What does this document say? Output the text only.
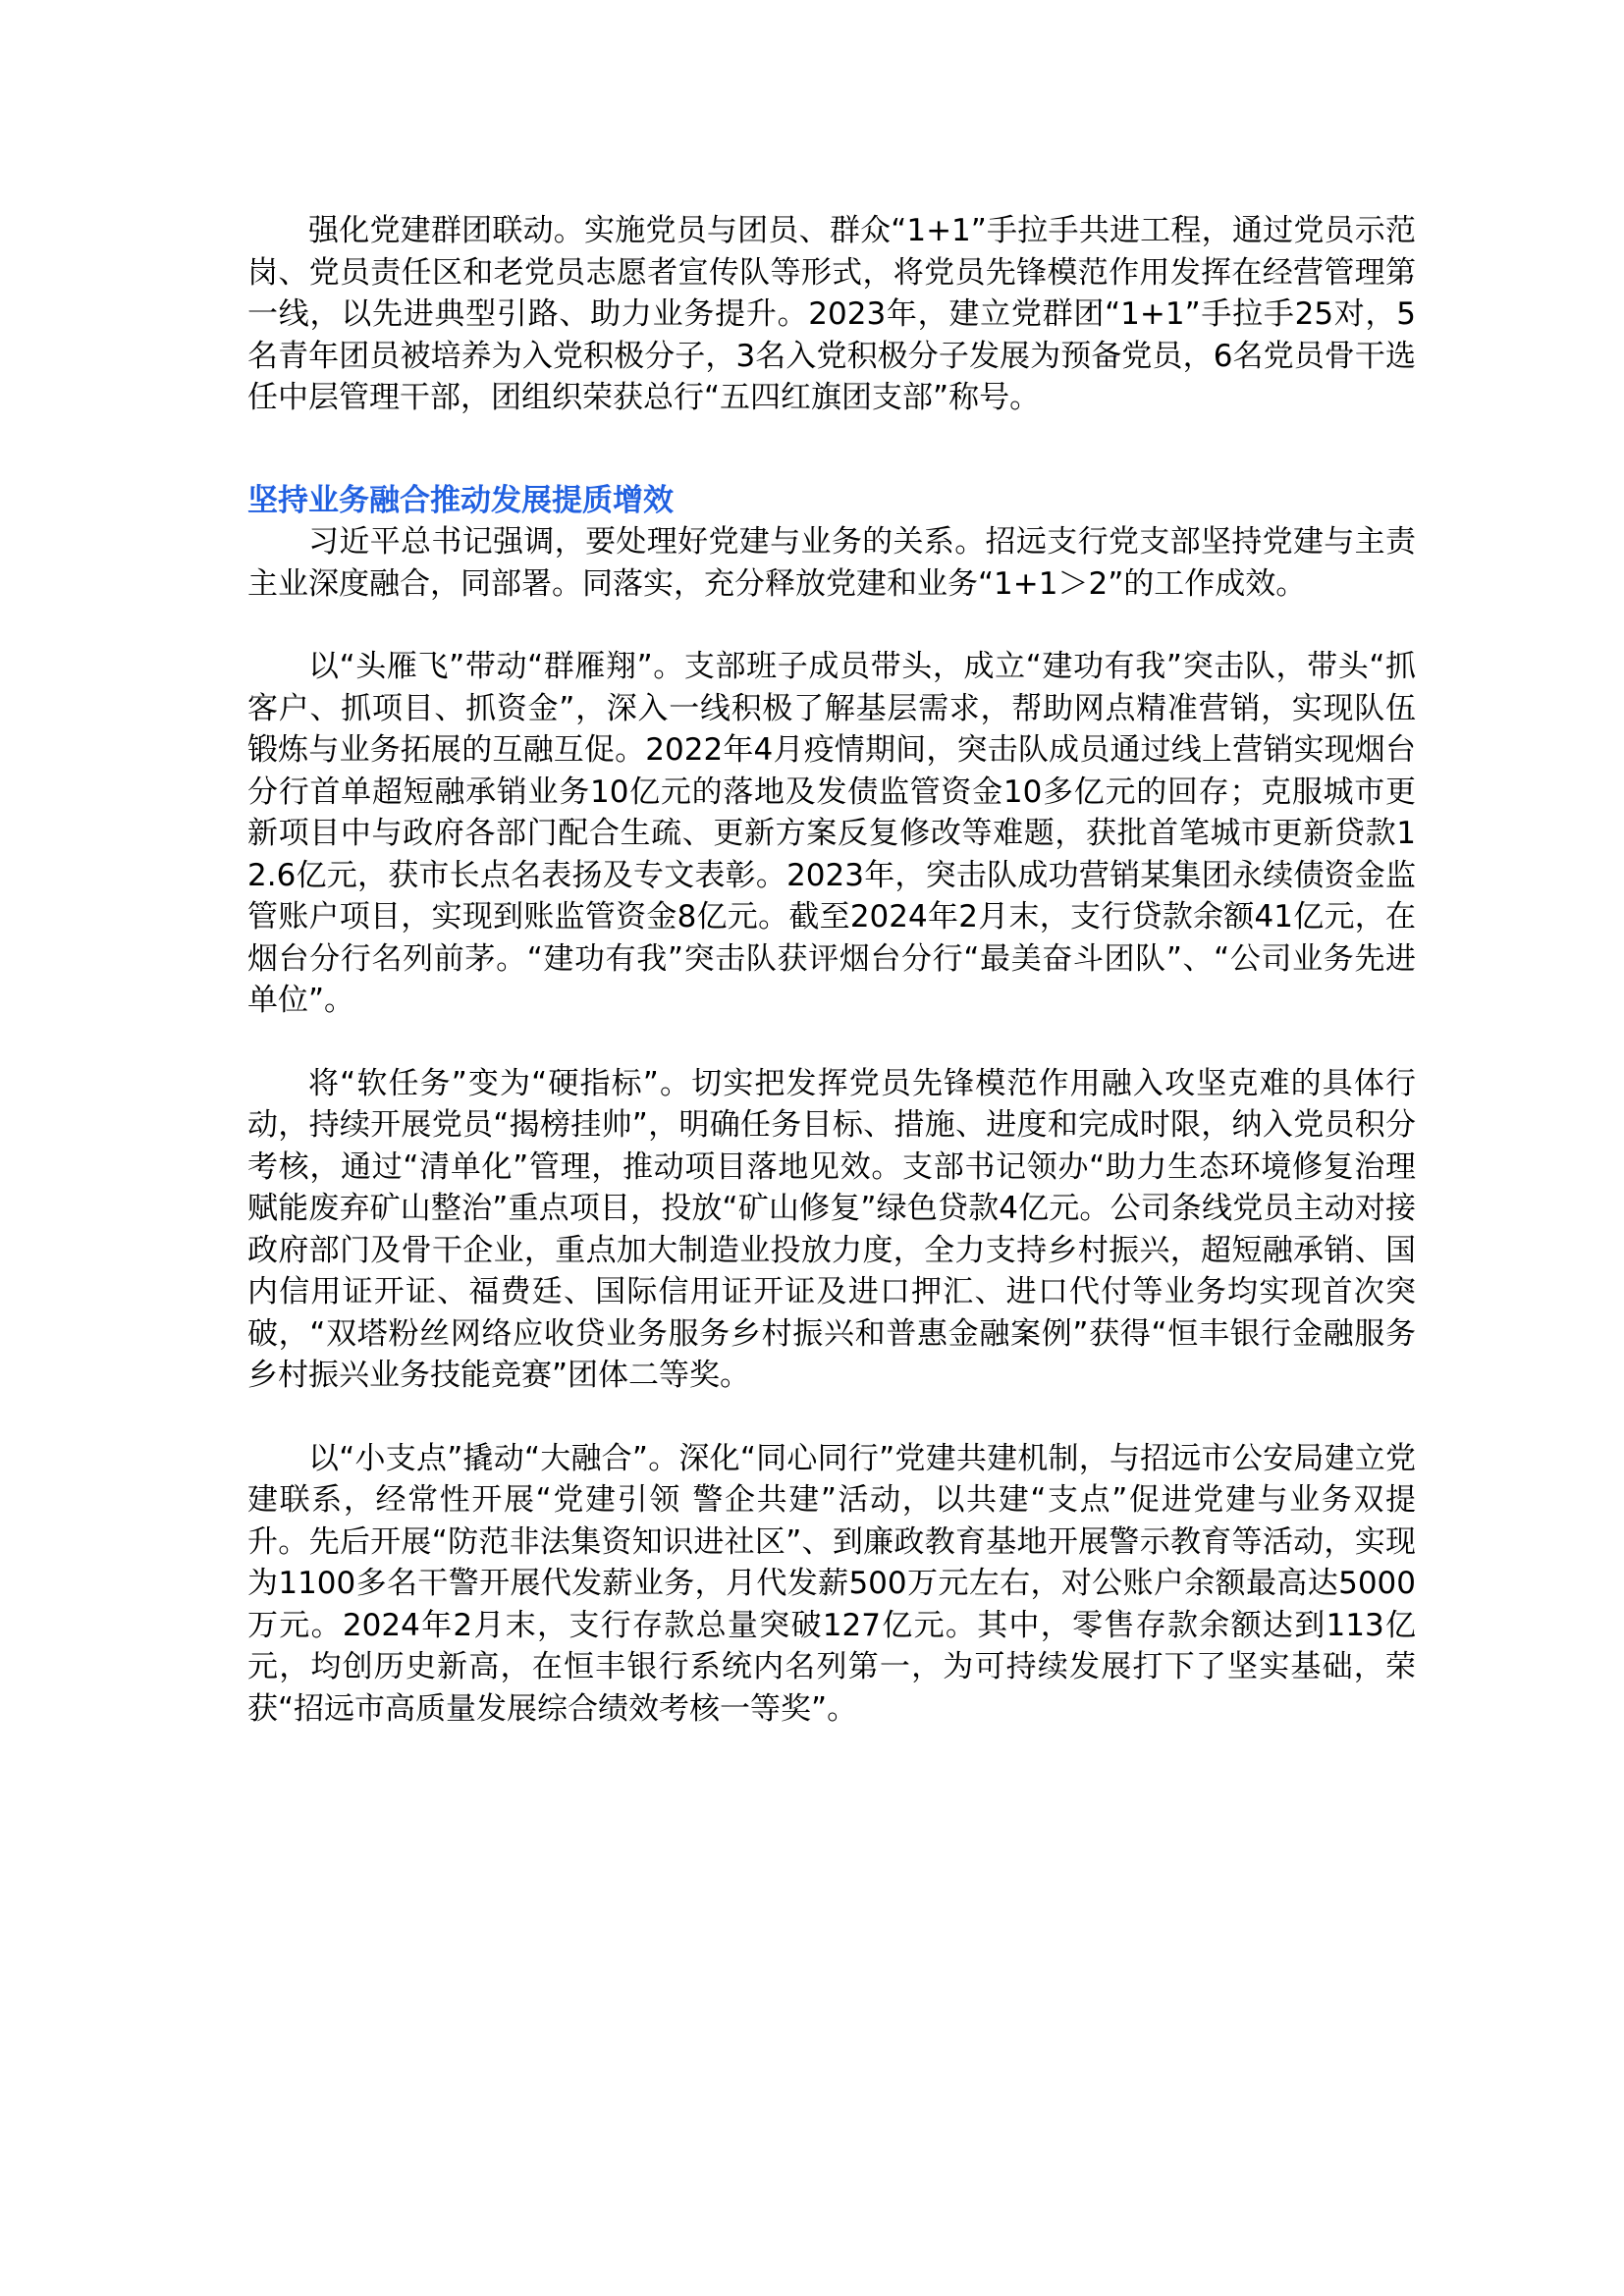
强化党建群团联动。实施党员与团员、群众“1+1”手拉手共进工程，通过党员示范岗、党员责任区和老党员志愿者宣传队等形式，将党员先锋模范作用发挥在经营管理第一线，以先进典型引路、助力业务提升。2023年，建立党群团“1+1”手拉手25对，5名青年团员被培养为入党积极分子，3名入党积极分子发展为预备党员，6名党员骨干选任中层管理干部，团组织荣获总行“五四红旗团支部”称号。

坚持业务融合推动发展提质增效

习近平总书记强调，要处理好党建与业务的关系。招远支行党支部坚持党建与主责主业深度融合，同部署。同落实，充分释放党建和业务“1+1＞2”的工作成效。

以“头雁飞”带动“群雁翔”。支部班子成员带头，成立“建功有我”突击队，带头“抓客户、抓项目、抓资金”，深入一线积极了解基层需求，帮助网点精准营销，实现队伍锻炼与业务拓展的互融互促。2022年4月疫情期间，突击队成员通过线上营销实现烟台分行首单超短融承销业务10亿元的落地及发债监管资金10多亿元的回存；克服城市更新项目中与政府各部门配合生疏、更新方案反复修改等难题，获批首笔城市更新贷款12.6亿元，获市长点名表扬及专文表彰。2023年，突击队成功营销某集团永续债资金监管账户项目，实现到账监管资金8亿元。截至2024年2月末，支行贷款余额41亿元，在烟台分行名列前茅。“建功有我”突击队获评烟台分行“最美奋斗团队”、“公司业务先进单位”。

将“软任务”变为“硬指标”。切实把发挥党员先锋模范作用融入攻坚克难的具体行动，持续开展党员“揭榜挂帅”，明确任务目标、措施、进度和完成时限，纳入党员积分考核，通过“清单化”管理，推动项目落地见效。支部书记领办“助力生态环境修复治理 赋能废弃矿山整治”重点项目，投放“矿山修复”绿色贷款4亿元。公司条线党员主动对接政府部门及骨干企业，重点加大制造业投放力度，全力支持乡村振兴，超短融承销、国内信用证开证、福费廷、国际信用证开证及进口押汇、进口代付等业务均实现首次突破，“双塔粉丝网络应收贷业务服务乡村振兴和普惠金融案例”获得“恒丰银行金融服务乡村振兴业务技能竞赛”团体二等奖。

以“小支点”撬动“大融合”。深化“同心同行”党建共建机制，与招远市公安局建立党建联系，经常性开展“党建引领 警企共建”活动，以共建“支点”促进党建与业务双提升。先后开展“防范非法集资知识进社区”、到廉政教育基地开展警示教育等活动，实现为1100多名干警开展代发薪业务，月代发薪500万元左右，对公账户余额最高达5000万元。2024年2月末，支行存款总量突破127亿元。其中，零售存款余额达到113亿元，均创历史新高，在恒丰银行系统内名列第一，为可持续发展打下了坚实基础，荣获“招远市高质量发展综合绩效考核一等奖”。
